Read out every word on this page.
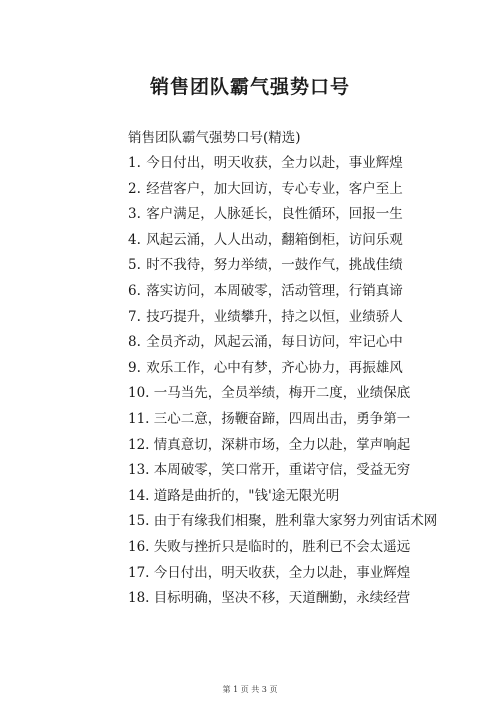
销售团队霸气强势口号

销售团队霸气强势口号(精选)

1. 今日付出，明天收获，全力以赴，事业辉煌
2. 经营客户，加大回访，专心专业，客户至上
3. 客户满足，人脉延长，良性循环，回报一生
4. 风起云涌，人人出动，翻箱倒柜，访问乐观
5. 时不我待，努力举绩，一鼓作气，挑战佳绩
6. 落实访问，本周破零，活动管理，行销真谛
7. 技巧提升，业绩攀升，持之以恒，业绩骄人
8. 全员齐动，风起云涌，每日访问，牢记心中
9. 欢乐工作，心中有梦，齐心协力，再振雄风
10. 一马当先，全员举绩，梅开二度，业绩保底
11. 三心二意，扬鞭奋蹄，四周出击，勇争第一
12. 情真意切，深耕市场，全力以赴，掌声响起
13. 本周破零，笑口常开，重诺守信，受益无穷
14. 道路是曲折的，"钱'途无限光明
15. 由于有缘我们相聚，胜利靠大家努力列宙话术网
16. 失败与挫折只是临时的，胜利已不会太遥远
17. 今日付出，明天收获，全力以赴，事业辉煌
18. 目标明确，坚决不移，天道酬勤，永续经营

第 1 页 共 3 页
